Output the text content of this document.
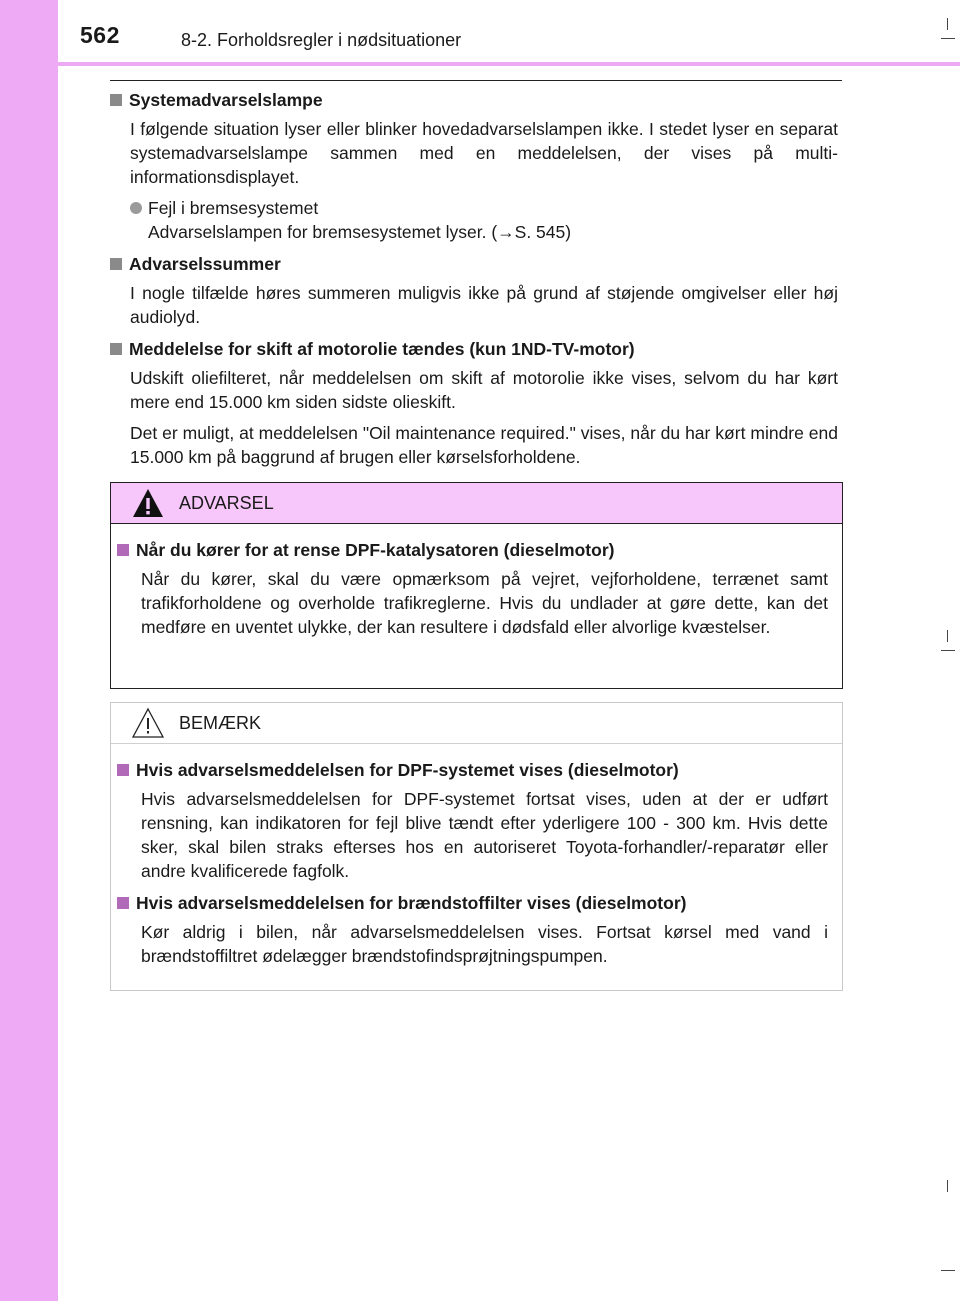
562	8-2. Forholdsregler i nødsituationer
Systemadvarselslampe
I følgende situation lyser eller blinker hovedadvarselslampen ikke. I stedet lyser en separat systemadvarselslampe sammen med en meddelelsen, der vises på multi-informationsdisplayet.
Fejl i bremsesystemet
Advarselslampen for bremsesystemet lyser. (→S. 545)
Advarselssummer
I nogle tilfælde høres summeren muligvis ikke på grund af støjende omgivelser eller høj audiolyd.
Meddelelse for skift af motorolie tændes (kun 1ND-TV-motor)
Udskift oliefilteret, når meddelelsen om skift af motorolie ikke vises, selvom du har kørt mere end 15.000 km siden sidste olieskift.
Det er muligt, at meddelelsen "Oil maintenance required." vises, når du har kørt mindre end 15.000 km på baggrund af brugen eller kørselsforholdene.
ADVARSEL
Når du kører for at rense DPF-katalysatoren (dieselmotor)
Når du kører, skal du være opmærksom på vejret, vejforholdene, terrænet samt trafikforholdene og overholde trafikreglerne. Hvis du undlader at gøre dette, kan det medføre en uventet ulykke, der kan resultere i dødsfald eller alvorlige kvæstelser.
BEMÆRK
Hvis advarselsmeddelelsen for DPF-systemet vises (dieselmotor)
Hvis advarselsmeddelelsen for DPF-systemet fortsat vises, uden at der er udført rensning, kan indikatoren for fejl blive tændt efter yderligere 100 - 300 km. Hvis dette sker, skal bilen straks efterses hos en autoriseret Toyota-forhandler/-reparatør eller andre kvalificerede fagfolk.
Hvis advarselsmeddelelsen for brændstoffilter vises (dieselmotor)
Kør aldrig i bilen, når advarselsmeddelelsen vises. Fortsat kørsel med vand i brændstoffiltret ødelægger brændstofindsprøjtningspumpen.
